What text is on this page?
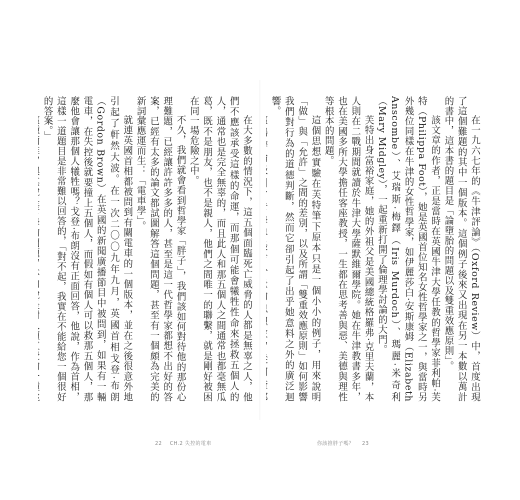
在大多數的情況下，這五個面臨死亡威脅的人都是無辜之人，他們不應該承受這樣的命運，而那個可能會犧牲性命來拯救五個人的人，通常也是完全無辜的，而且此人和那五個人之間通常也都毫無瓜葛，既不是朋友，也不是親人，他們之間唯一的聯繫，就是剛好被困在同一場危險之中。

不久，我們就會看到哲學家「胖子」，我們該如何對待他的那份心理難題，已經讓許許多多的人，甚至是這一代哲學家都想不出好的答案，已經有太多的論文都試圖解答這個問題，甚至有一個頗為完美的新詞彙應運而生：「電車學」。

就連英國首相都被問到有關電車的一個版本，並在之後很意外地引起了軒然大波。在一次二〇〇九年九月，英國首相戈登·布朗（Gordon Brown）在英國的新聞廣播節目中被問到，如果有一輛電車，在失控後就要撞上五個人，而假如有個人可以救那五個人，那麼他會讓那個人犧牲嗎？戈登·布朗沒有正面回答，他說，作為首相，這樣一道題目是非常難以回答的，「對不起，我實在不能給您一個很好的答案。」	在一九六七年的《牛津評論》（Oxford Review）中，首度出現了這個難題的其中一個版本。這個例子後來又出現在另一本數以萬計的書中，這本書的題目是「論墮胎的問題以及雙重效應原則」。

該文章的作者，正是當時在英國牛津大學任教的哲學家菲利帕·芙特（Philippa Foot），她是英國首位知名女性哲學家之一，與當時另外幾位同樣在牛津的女性哲學家，如伊麗莎白·安斯康姆（Elizabeth Anscombe）、艾瑞斯·梅鐸（Iris Murdoch）、瑪麗·米奇利（Mary Midgley），一起重新打開了倫理學討論的大門。

芙特出身富裕家庭，她的外祖父是美國總統格羅弗·克里夫蘭，本人則在二戰期間就讀於牛津大學薩默維爾學院。她在牛津教書多年，也在美國多所大學擔任客座教授，一生都在思考善與惡、美德與理性等根本的問題。

這個思想實驗在芙特筆下原本只是一個小小的例子，用來說明「做」與「允許」之間的差別，以及所謂「雙重效應原則」如何影響我們對行為的道德判斷，然而它卻引起了出乎她意料之外的廣泛迴響。

22 CH.2 失控的電車	你該推胖子嗎？ 23
